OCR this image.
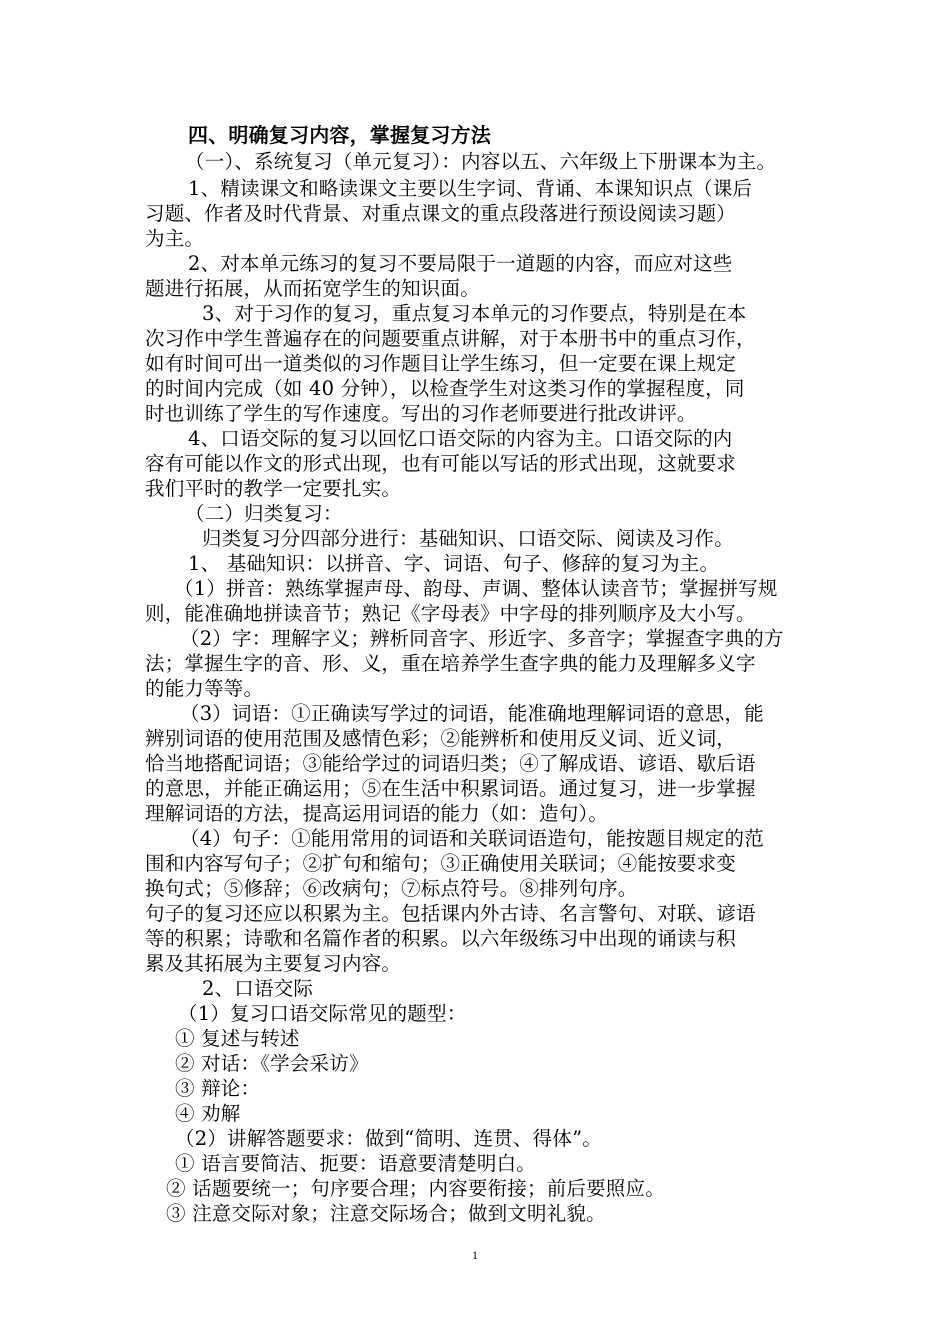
四、明确复习内容，掌握复习方法
（一）、系统复习（单元复习）：内容以五、六年级上下册课本为主。
1、精读课文和略读课文主要以生字词、背诵、本课知识点（课后
习题、作者及时代背景、对重点课文的重点段落进行预设阅读习题）
为主。
2、对本单元练习的复习不要局限于一道题的内容，而应对这些
题进行拓展，从而拓宽学生的知识面。
3、对于习作的复习，重点复习本单元的习作要点，特别是在本
次习作中学生普遍存在的问题要重点讲解，对于本册书中的重点习作，
如有时间可出一道类似的习作题目让学生练习，但一定要在课上规定
的时间内完成（如 40 分钟），以检查学生对这类习作的掌握程度，同
时也训练了学生的写作速度。写出的习作老师要进行批改讲评。
4、口语交际的复习以回忆口语交际的内容为主。口语交际的内
容有可能以作文的形式出现，也有可能以写话的形式出现，这就要求
我们平时的教学一定要扎实。
（二）归类复习：
归类复习分四部分进行：基础知识、口语交际、阅读及习作。
1、 基础知识：以拼音、字、词语、句子、修辞的复习为主。
（1）拼音：熟练掌握声母、韵母、声调、整体认读音节；掌握拼写规
则，能准确地拼读音节；熟记《字母表》中字母的排列顺序及大小写。
（2）字：理解字义；辨析同音字、形近字、多音字；掌握查字典的方
法；掌握生字的音、形、义，重在培养学生查字典的能力及理解多义字
的能力等等。
（3）词语：①正确读写学过的词语，能准确地理解词语的意思，能
辨别词语的使用范围及感情色彩；②能辨析和使用反义词、近义词，
恰当地搭配词语；③能给学过的词语归类；④了解成语、谚语、歇后语
的意思，并能正确运用；⑤在生活中积累词语。通过复习，进一步掌握
理解词语的方法，提高运用词语的能力（如：造句）。
（4）句子：①能用常用的词语和关联词语造句，能按题目规定的范
围和内容写句子；②扩句和缩句；③正确使用关联词；④能按要求变
换句式；⑤修辞；⑥改病句；⑦标点符号。⑧排列句序。
句子的复习还应以积累为主。包括课内外古诗、名言警句、对联、谚语
等的积累；诗歌和名篇作者的积累。以六年级练习中出现的诵读与积
累及其拓展为主要复习内容。
2、口语交际
（1）复习口语交际常见的题型：
① 复述与转述
② 对话：《学会采访》
③ 辩论：
④ 劝解
（2）讲解答题要求：做到“简明、连贯、得体”。
① 语言要简洁、扼要：语意要清楚明白。
② 话题要统一；句序要合理；内容要衔接；前后要照应。
③ 注意交际对象；注意交际场合；做到文明礼貌。
1
